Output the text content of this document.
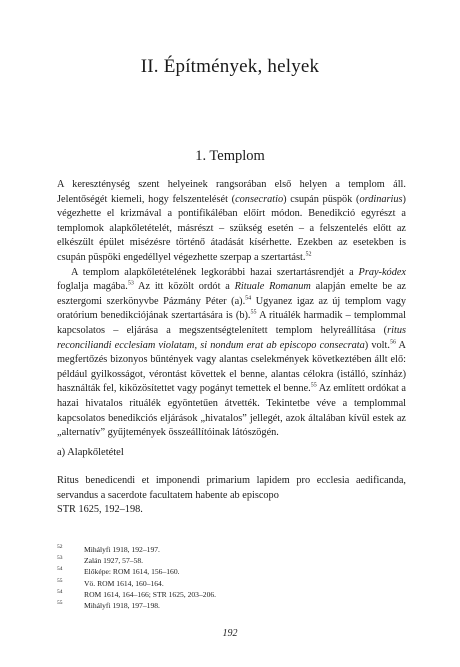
II. Építmények, helyek
1. Templom

A kereszténység szent helyeinek rangsorában első helyen a templom áll. Jelentőségét kiemeli, hogy felszentelését (consecratio) csupán püspök (ordinarius) végezhette el krizmával a pontifikáléban előírt módon. Benedikció egyrészt a templomok alapkőletételét, másrészt – szükség esetén – a felszentelés előtt az elkészült épület misézésre történő átadását kísérhette. Ezekben az esetekben is csupán püspöki engedéllyel végezhette szerpap a szertartást.$^{52}$

A templom alapkőletételének legkorábbi hazai szertartásrendjét a Pray-kódex foglalja magába.$^{53}$ Az itt közölt ordót a Rituale Romanum alapján emelte be az esztergomi szerkönyvbe Pázmány Péter (a).$^{54}$ Ugyanez igaz az új templom vagy oratórium benedikciójának szertartására is (b).$^{55}$ A rituálék harmadik – templommal kapcsolatos – eljárása a megszentségtelenített templom helyreállítása (ritus reconciliandi ecclesiam violatam, si nondum erat ab episcopo consecrata) volt.$^{56}$ A megfertőzés bizonyos bűntények vagy alantas cselekmények következtében állt elő: például gyilkosságot, vérontást követtek el benne, alantas célokra (istálló, színház) használták fel, kiközösítettet vagy pogányt temettek el benne.$^{55}$ Az említett ordókat a hazai hivatalos rituálék egyöntetűen átvették. Tekintetbe véve a templommal kapcsolatos benedikciós eljárások „hivatalos” jellegét, azok általában kívül estek az „alternatív” gyűjtemények összeállítóinak látószögén.

a) Alapkőletétel
Ritus benedicendi et imponendi primarium lapidem pro ecclesia aedificanda, servandus a sacerdote facultatem habente ab episcopo
STR 1625, 192–198.
52	Mihályfi 1918, 192–197.
53	Zalán 1927, 57–58.
54	Előképe: ROM 1614, 156–160.
55	Vö. ROM 1614, 160–164.
54	ROM 1614, 164–166; STR 1625, 203–206.
55	Mihályfi 1918, 197–198.
192
